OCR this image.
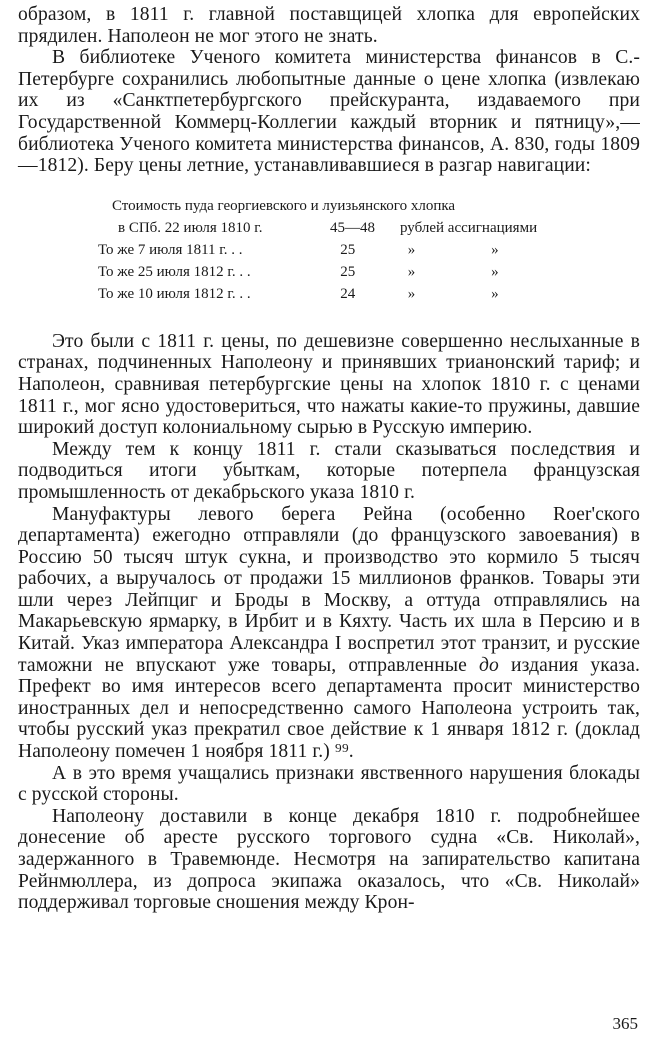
образом, в 1811 г. главной поставщицей хлопка для европейских прядилен. Наполеон не мог этого не знать.

В библиотеке Ученого комитета министерства финансов в С.-Петербурге сохранились любопытные данные о цене хлопка (извлекаю их из «Санктпетербургского прейскуранта, издаваемого при Государственной Коммерц-Коллегии каждый вторник и пятницу»,— библиотека Ученого комитета министерства финансов, А. 830, годы 1809—1812). Беру цены летние, устанавливавшиеся в разгар навигации:

Стоимость пуда георгиевского и луизьянского хлопка
в СПб. 22 июля 1810 г.	45—48	рублей ассигнациями
То же 7 июля 1811 г. . .	25	»	»
То же 25 июля 1812 г. . .	25	»	»
То же 10 июля 1812 г. . .	24	»	»

Это были с 1811 г. цены, по дешевизне совершенно неслыханные в странах, подчиненных Наполеону и принявших трианонский тариф; и Наполеон, сравнивая петербургские цены на хлопок 1810 г. с ценами 1811 г., мог ясно удостовериться, что нажаты какие-то пружины, давшие широкий доступ колониальному сырью в Русскую империю.

Между тем к концу 1811 г. стали сказываться последствия и подводиться итоги убыткам, которые потерпела французская промышленность от декабрьского указа 1810 г.

Мануфактуры левого берега Рейна (особенно Roer'ского департамента) ежегодно отправляли (до французского завоевания) в Россию 50 тысяч штук сукна, и производство это кормило 5 тысяч рабочих, а выручалось от продажи 15 миллионов франков. Товары эти шли через Лейпциг и Броды в Москву, а оттуда отправлялись на Макарьевскую ярмарку, в Ирбит и в Кяхту. Часть их шла в Персию и в Китай. Указ императора Александра I воспретил этот транзит, и русские таможни не впускают уже товары, отправленные до издания указа. Префект во имя интересов всего департамента просит министерство иностранных дел и непосредственно самого Наполеона устроить так, чтобы русский указ прекратил свое действие к 1 января 1812 г. (доклад Наполеону помечен 1 ноября 1811 г.) ⁹⁹.

А в это время учащались признаки явственного нарушения блокады с русской стороны.

Наполеону доставили в конце декабря 1810 г. подробнейшее донесение об аресте русского торгового судна «Св. Николай», задержанного в Травемюнде. Несмотря на запирательство капитана Рейнмюллера, из допроса экипажа оказалось, что «Св. Николай» поддерживал торговые сношения между Крон-

365
